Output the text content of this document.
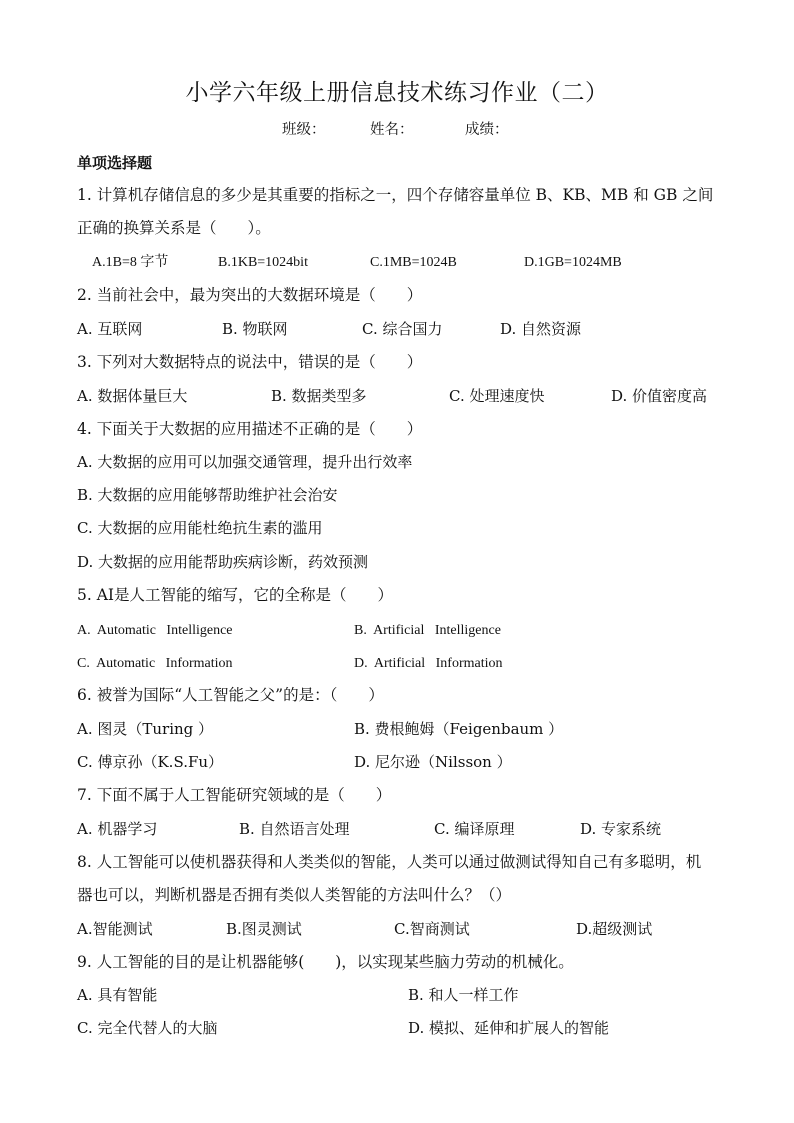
小学六年级上册信息技术练习作业（二）
班级：	姓名：	成绩：
单项选择题
1. 计算机存储信息的多少是其重要的指标之一，四个存储容量单位 B、KB、MB 和 GB 之间
正确的换算关系是（　　）。
A.1B=8 字节	B.1KB=1024bit	C.1MB=1024B	D.1GB=1024MB
2. 当前社会中，最为突出的大数据环境是（　　）
A. 互联网	B. 物联网	C. 综合国力	D. 自然资源
3. 下列对大数据特点的说法中，错误的是（　　）
A. 数据体量巨大	B. 数据类型多	C. 处理速度快	D. 价值密度高
4. 下面关于大数据的应用描述不正确的是（　　）
A. 大数据的应用可以加强交通管理，提升出行效率
B. 大数据的应用能够帮助维护社会治安
C. 大数据的应用能杜绝抗生素的滥用
D. 大数据的应用能帮助疾病诊断，药效预测
5. AI是人工智能的缩写，它的全称是（　　）
A.  Automatic   Intelligence	B.  Artificial   Intelligence
C.  Automatic   Information	D.  Artificial   Information
6. 被誉为国际“人工智能之父”的是：（　　）
A. 图灵（Turing ）	B. 费根鲍姆（Feigenbaum ）
C. 傅京孙（K.S.Fu）	D. 尼尔逊（Nilsson ）
7. 下面不属于人工智能研究领域的是（　　）
A. 机器学习	B. 自然语言处理	C. 编译原理	D. 专家系统
8. 人工智能可以使机器获得和人类类似的智能，人类可以通过做测试得知自己有多聪明，机
器也可以，判断机器是否拥有类似人类智能的方法叫什么？（）
A.智能测试	B.图灵测试	C.智商测试	D.超级测试
9. 人工智能的目的是让机器能够(　　)，以实现某些脑力劳动的机械化。
A. 具有智能	B. 和人一样工作
C. 完全代替人的大脑	D. 模拟、延伸和扩展人的智能
